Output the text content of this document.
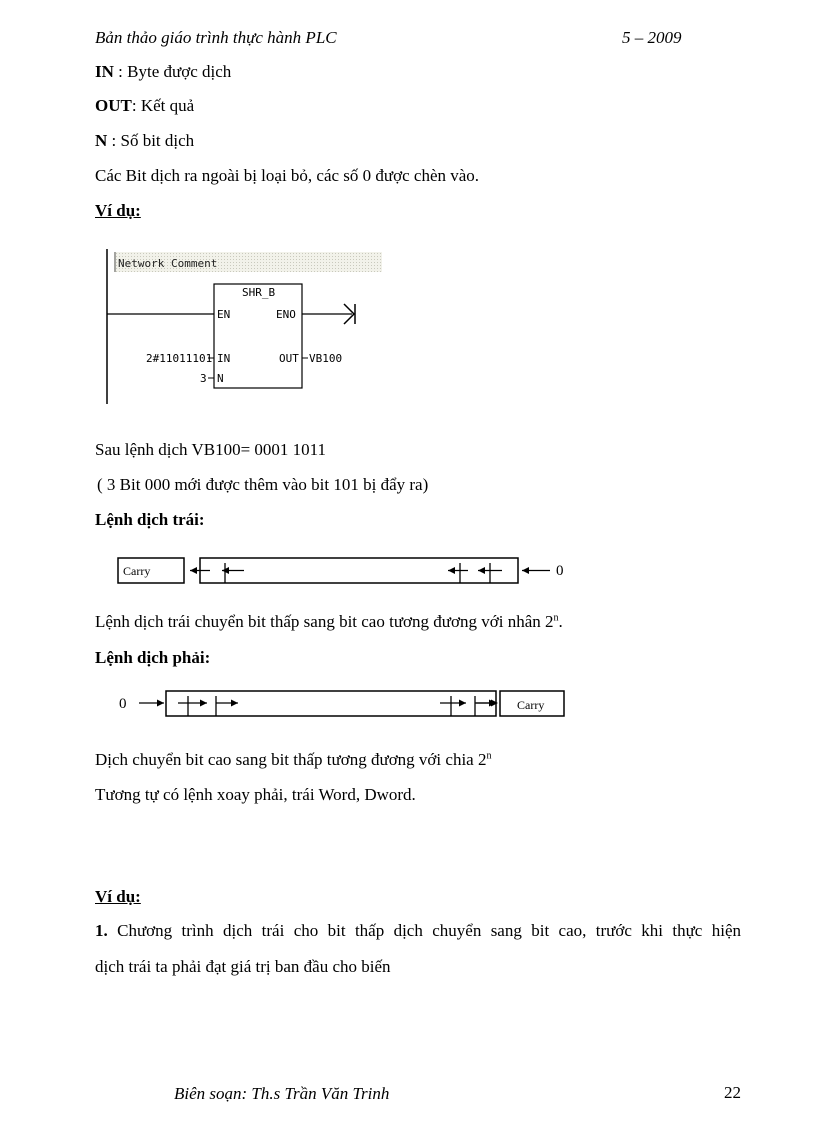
Bản thảo giáo trình thực hành PLC	5 – 2009
IN : Byte được dịch
OUT: Kết quả
N : Số bit dịch
Các Bit dịch ra ngoài bị loại bỏ, các số 0 được chèn vào.
Ví dụ:
Network Comment
SHR_B
EN	ENO
2#11011101 IN	OUT VB100
3 N
Sau lệnh dịch VB100= 0001 1011
( 3 Bit 000 mới được thêm vào bit 101 bị đẩy ra)
Lệnh dịch trái:
Carry	0
Lệnh dịch trái chuyển bit thấp sang bit cao tương đương với nhân 2$^n$.
Lệnh dịch phải:
0	Carry
Dịch chuyển bit cao sang bit thấp tương đương với chia 2$^n$
Tương tự có lệnh xoay phải, trái Word, Dword.
Ví dụ:
1. Chương trình dịch trái cho bit thấp dịch chuyển sang bit cao, trước khi thực hiện
dịch trái ta phải đạt giá trị ban đầu cho biến
Biên soạn: Th.s Trần Văn Trinh	22
